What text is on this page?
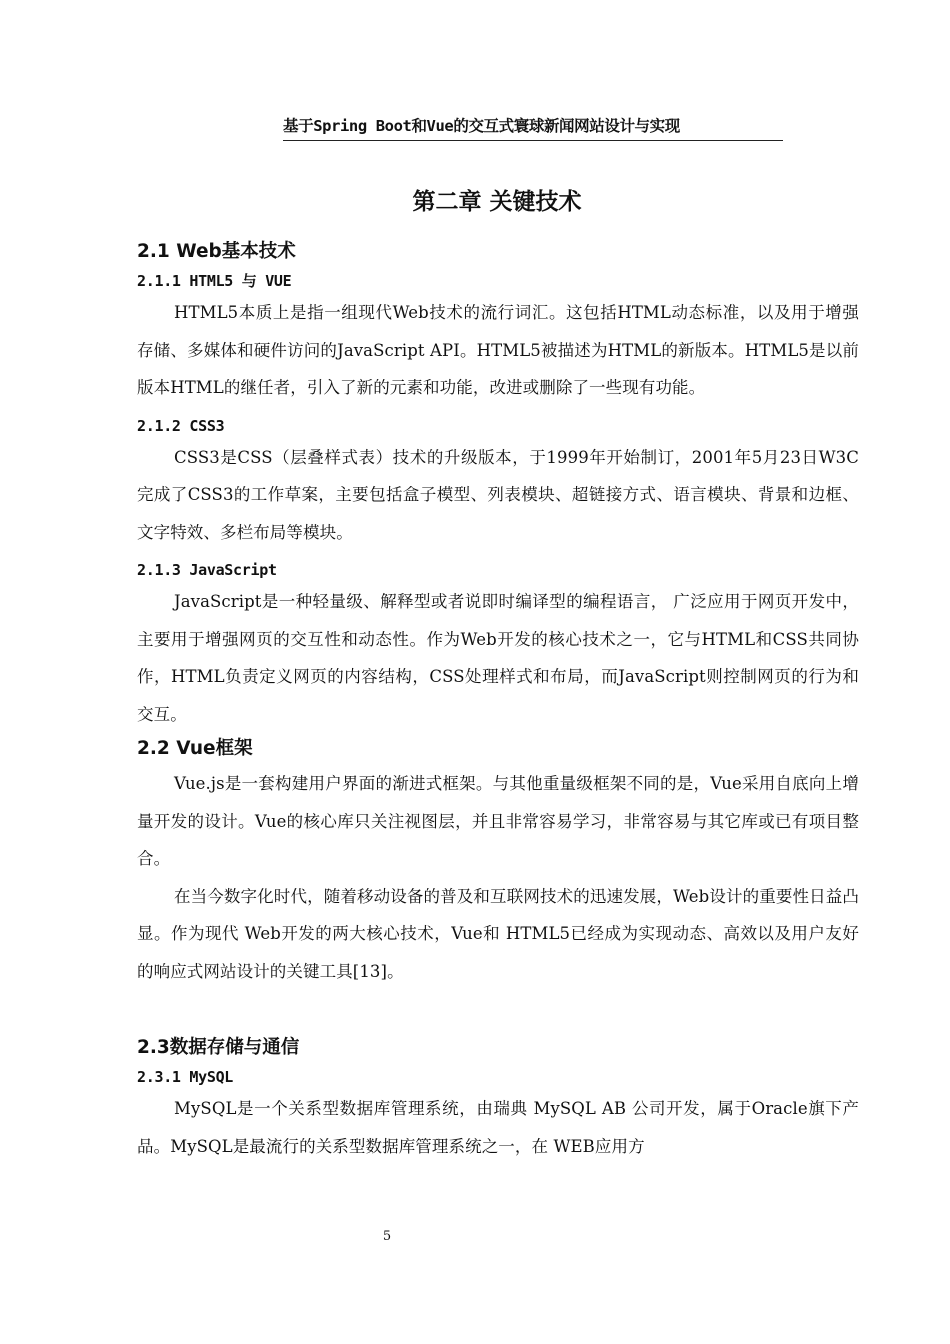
基于Spring Boot和Vue的交互式寰球新闻网站设计与实现
第二章 关键技术
2.1 Web基本技术
2.1.1 HTML5 与 VUE

HTML5本质上是指一组现代Web技术的流行词汇。这包括HTML动态标准，以及用于增强存储、多媒体和硬件访问的JavaScript API。HTML5被描述为HTML的新版本。HTML5是以前版本HTML的继任者，引入了新的元素和功能，改进或删除了一些现有功能。

2.1.2 CSS3

CSS3是CSS（层叠样式表）技术的升级版本，于1999年开始制订，2001年5月23日W3C完成了CSS3的工作草案，主要包括盒子模型、列表模块、超链接方式、语言模块、背景和边框、文字特效、多栏布局等模块。

2.1.3 JavaScript

JavaScript是一种轻量级、解释型或者说即时编译型的编程语言， 广泛应用于网页开发中，主要用于增强网页的交互性和动态性。作为Web开发的核心技术之一，它与HTML和CSS共同协作，HTML负责定义网页的内容结构，CSS处理样式和布局，而JavaScript则控制网页的行为和交互。

2.2 Vue框架

Vue.js是一套构建用户界面的渐进式框架。与其他重量级框架不同的是，Vue采用自底向上增量开发的设计。Vue的核心库只关注视图层，并且非常容易学习，非常容易与其它库或已有项目整合。

在当今数字化时代，随着移动设备的普及和互联网技术的迅速发展，Web设计的重要性日益凸显。作为现代 Web开发的两大核心技术，Vue和 HTML5已经成为实现动态、高效以及用户友好的响应式网站设计的关键工具[13]。

2.3数据存储与通信
2.3.1 MySQL

MySQL是一个关系型数据库管理系统，由瑞典 MySQL AB 公司开发，属于Oracle旗下产品。MySQL是最流行的关系型数据库管理系统之一，在 WEB应用方

5
